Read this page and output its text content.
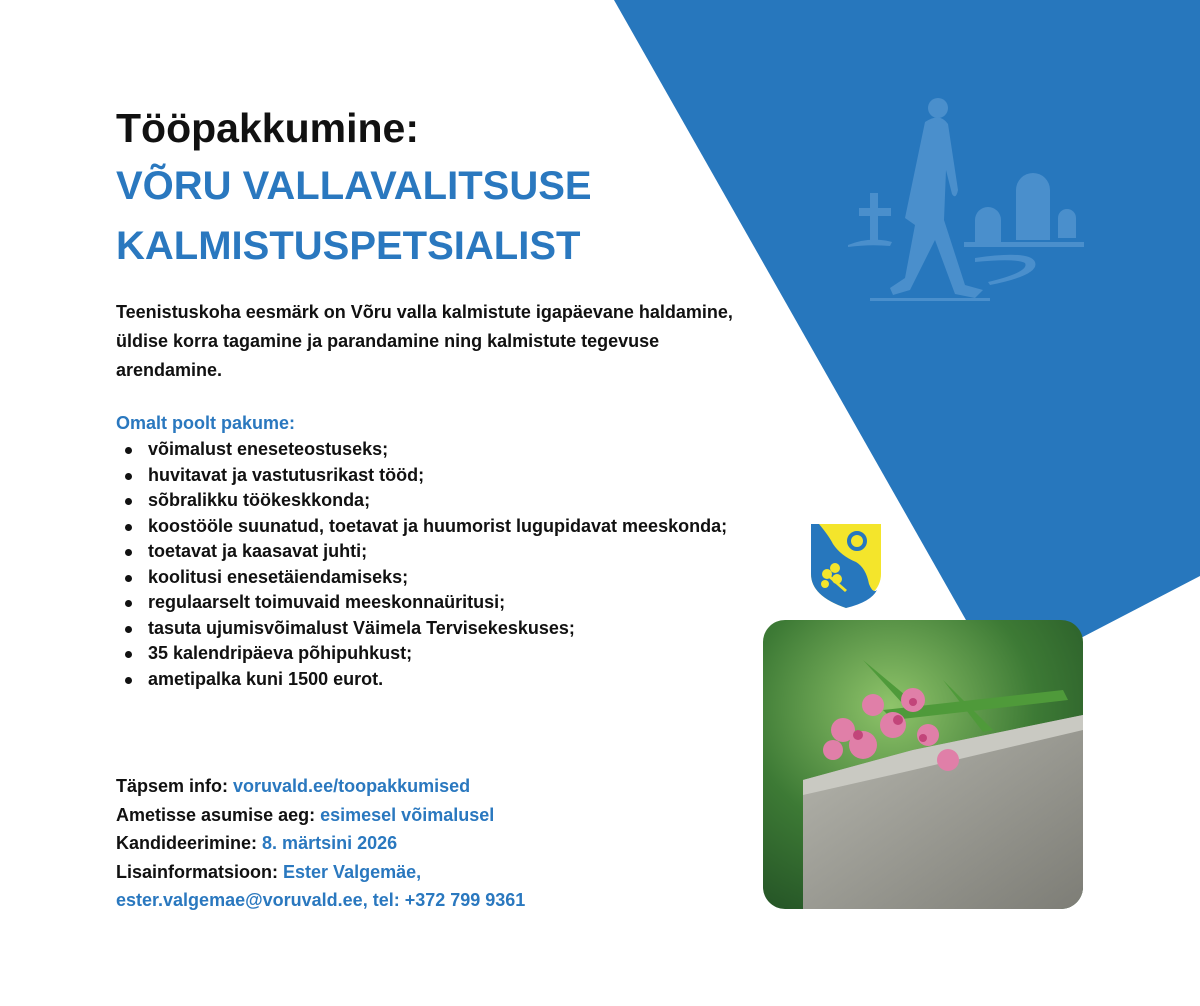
Tööpakkumine:
VÕRU VALLAVALITSUSE
KALMISTUSPETSIALIST

Teenistuskoha eesmärk on Võru valla kalmistute igapäevane haldamine, üldise korra tagamine ja parandamine ning kalmistute tegevuse arendamine.

Omalt poolt pakume:

võimalust eneseteostuseks;
huvitavat ja vastutusrikast tööd;
sõbralikku töökeskkonda;
koostööle suunatud, toetavat ja huumorist lugupidavat meeskonda;
toetavat ja kaasavat juhti;
koolitusi enesetäiendamiseks;
regulaarselt toimuvaid meeskonnaüritusi;
tasuta ujumisvõimalust Väimela Tervisekeskuses;
35 kalendripäeva põhipuhkust;
ametipalka kuni 1500 eurot.
Täpsem info: voruvald.ee/toopakkumised
Ametisse asumise aeg: esimesel võimalusel
Kandideerimine: 8. märtsini 2026
Lisainformatsioon: Ester Valgemäe,
ester.valgemae@voruvald.ee, tel: +372 799 9361
